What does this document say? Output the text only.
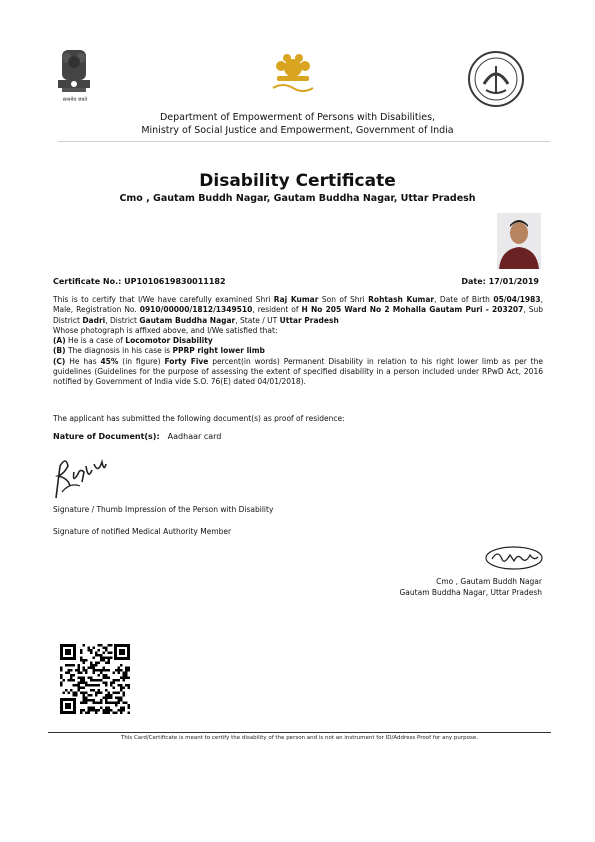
सत्यमेव जयते
Department of Empowerment of Persons with Disabilities,
Ministry of Social Justice and Empowerment, Government of India
Disability Certificate
Cmo , Gautam Buddh Nagar, Gautam Buddha Nagar, Uttar Pradesh
Certificate No.: UP1010619830011182	Date: 17/01/2019
This is to certify that I/We have carefully examined Shri Raj Kumar Son of Shri Rohtash Kumar, Date of Birth 05/04/1983, Male, Registration No. 0910/00000/1812/1349510, resident of H No 205 Ward No 2 Mohalla Gautam Puri - 203207, Sub District Dadri, District Gautam Buddha Nagar, State / UT Uttar Pradesh
Whose photograph is affixed above, and I/We satisfied that:
(A) He is a case of Locomotor Disability
(B) The diagnosis in his case is PPRP right lower limb
(C) He has 45% (in figure) Forty Five percent(in words) Permanent Disability in relation to his right lower limb as per the guidelines (Guidelines for the purpose of assessing the extent of specified disability in a person included under RPwD Act, 2016 notified by Government of India vide S.O. 76(E) dated 04/01/2018).
The applicant has submitted the following document(s) as proof of residence:
Nature of Document(s): Aadhaar card
Signature / Thumb Impression of the Person with Disability
Signature of notified Medical Authority Member
Cmo , Gautam Buddh Nagar
Gautam Buddha Nagar, Uttar Pradesh
This Card/Certificate is meant to certify the disability of the person and is not an instrument for ID/Address Proof for any purpose.
